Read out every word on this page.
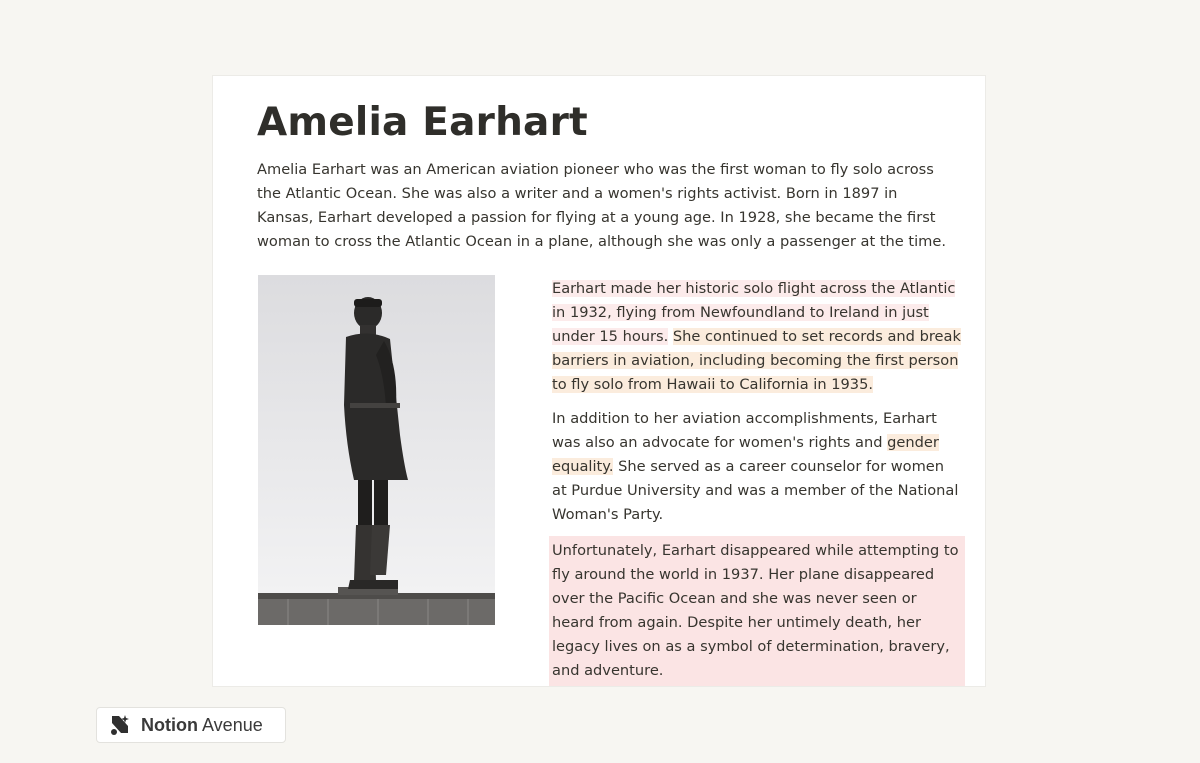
Amelia Earhart

Amelia Earhart was an American aviation pioneer who was the first woman to fly solo across the Atlantic Ocean. She was also a writer and a women's rights activist. Born in 1897 in Kansas, Earhart developed a passion for flying at a young age. In 1928, she became the first woman to cross the Atlantic Ocean in a plane, although she was only a passenger at the time.

Earhart made her historic solo flight across the Atlantic in 1932, flying from Newfoundland to Ireland in just under 15 hours. She continued to set records and break barriers in aviation, including becoming the first person to fly solo from Hawaii to California in 1935.

In addition to her aviation accomplishments, Earhart was also an advocate for women's rights and gender equality. She served as a career counselor for women at Purdue University and was a member of the National Woman's Party.

Unfortunately, Earhart disappeared while attempting to fly around the world in 1937. Her plane disappeared over the Pacific Ocean and she was never seen or heard from again. Despite her untimely death, her legacy lives on as a symbol of determination, bravery, and adventure.

Notion Avenue
